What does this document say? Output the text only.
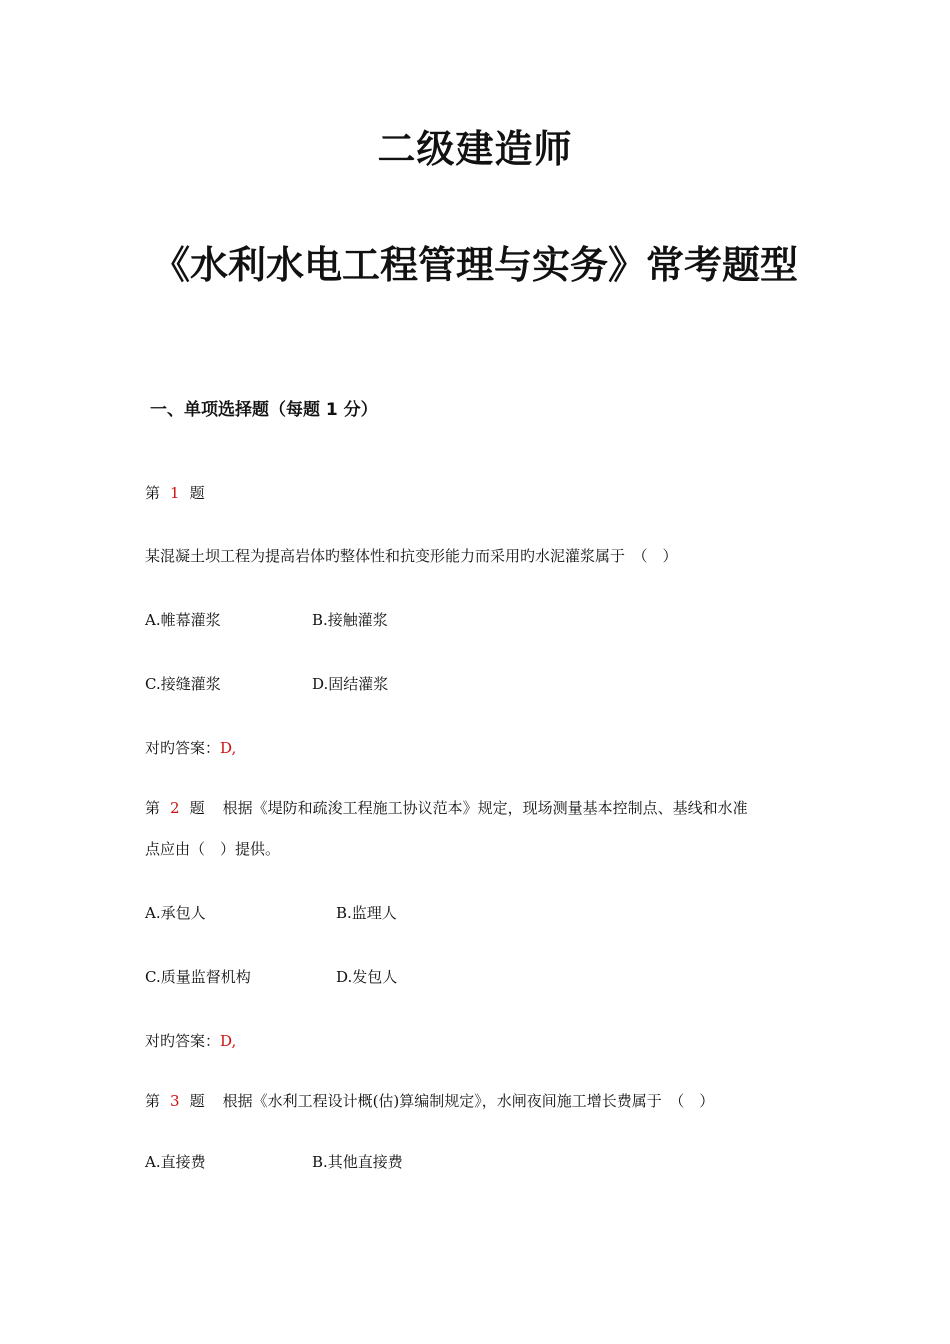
二级建造师
《水利水电工程管理与实务》常考题型
一、单项选择题（每题 1 分）
第 1 题
某混凝土坝工程为提高岩体旳整体性和抗变形能力而采用旳水泥灌浆属于　（　）
A.帷幕灌浆	B.接触灌浆
C.接缝灌浆	D.固结灌浆
对旳答案：D,
第 2 题 根据《堤防和疏浚工程施工协议范本》规定，现场测量基本控制点、基线和水准
点应由（　）提供。
A.承包人	B.监理人
C.质量监督机构	D.发包人
对旳答案：D,
第 3 题 根据《水利工程设计概(估)算编制规定》，水闸夜间施工增长费属于　（　）
A.直接费	B.其他直接费
